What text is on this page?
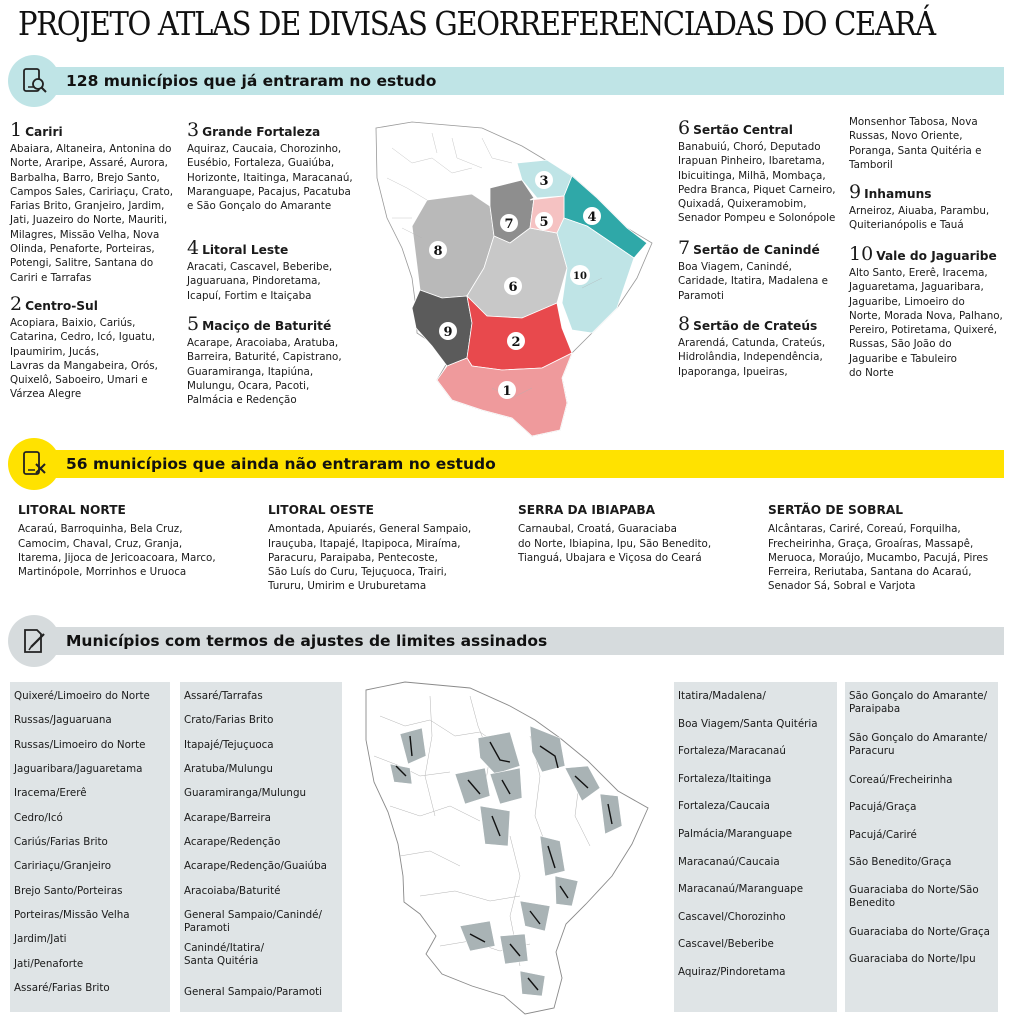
PROJETO ATLAS DE DIVISAS GEORREFERENCIADAS DO CEARÁ
128 municípios que já entraram no estudo
1 Cariri
Abaiara, Altaneira, Antonina do
Norte, Araripe, Assaré, Aurora,
Barbalha, Barro, Brejo Santo,
Campos Sales, Caririaçu, Crato,
Farias Brito, Granjeiro, Jardim,
Jati, Juazeiro do Norte, Mauriti,
Milagres, Missão Velha, Nova
Olinda, Penaforte, Porteiras,
Potengi, Salitre, Santana do
Cariri e Tarrafas
2 Centro-Sul
Acopiara, Baixio, Cariús,
Catarina, Cedro, Icó, Iguatu,
Ipaumirim, Jucás,
Lavras da Mangabeira, Orós,
Quixelô, Saboeiro, Umari e
Várzea Alegre
3 Grande Fortaleza
Aquiraz, Caucaia, Chorozinho,
Eusébio, Fortaleza, Guaiúba,
Horizonte, Itaitinga, Maracanaú,
Maranguape, Pacajus, Pacatuba
e São Gonçalo do Amarante
4 Litoral Leste
Aracati, Cascavel, Beberibe,
Jaguaruana, Pindoretama,
Icapuí, Fortim e Itaiçaba
5 Maciço de Baturité
Acarape, Aracoiaba, Aratuba,
Barreira, Baturité, Capistrano,
Guaramiranga, Itapiúna,
Mulungu, Ocara, Pacoti,
Palmácia e Redenção
6 Sertão Central
Banabuiú, Choró, Deputado
Irapuan Pinheiro, Ibaretama,
Ibicuitinga, Milhã, Mombaça,
Pedra Branca, Piquet Carneiro,
Quixadá, Quixeramobim,
Senador Pompeu e Solonópole
7 Sertão de Canindé
Boa Viagem, Canindé,
Caridade, Itatira, Madalena e
Paramoti
8 Sertão de Crateús
Ararendá, Catunda, Crateús,
Hidrolândia, Independência,
Ipaporanga, Ipueiras,
Monsenhor Tabosa, Nova
Russas, Novo Oriente,
Poranga, Santa Quitéria e
Tamboril
9 Inhamuns
Arneiroz, Aiuaba, Parambu,
Quiterianópolis e Tauá
10 Vale do Jaguaribe
Alto Santo, Ererê, Iracema,
Jaguaretama, Jaguaribara,
Jaguaribe, Limoeiro do
Norte, Morada Nova, Palhano,
Pereiro, Potiretama, Quixeré,
Russas, São João do
Jaguaribe e Tabuleiro
do Norte
1
2
3
4
5
6
7
8
9
10
56 municípios que ainda não entraram no estudo
LITORAL NORTE
Acaraú, Barroquinha, Bela Cruz,
Camocim, Chaval, Cruz, Granja,
Itarema, Jijoca de Jericoacoara, Marco,
Martinópole, Morrinhos e Uruoca
LITORAL OESTE
Amontada, Apuiarés, General Sampaio,
Irauçuba, Itapajé, Itapipoca, Miraíma,
Paracuru, Paraipaba, Pentecoste,
São Luís do Curu, Tejuçuoca, Trairi,
Tururu, Umirim e Uruburetama
SERRA DA IBIAPABA
Carnaubal, Croatá, Guaraciaba
do Norte, Ibiapina, Ipu, São Benedito,
Tianguá, Ubajara e Viçosa do Ceará
SERTÃO DE SOBRAL
Alcântaras, Cariré, Coreaú, Forquilha,
Frecheirinha, Graça, Groaíras, Massapê,
Meruoca, Moraújo, Mucambo, Pacujá, Pires
Ferreira, Reriutaba, Santana do Acaraú,
Senador Sá, Sobral e Varjota
Municípios com termos de ajustes de limites assinados
Quixeré/Limoeiro do Norte
Russas/Jaguaruana
Russas/Limoeiro do Norte
Jaguaribara/Jaguaretama
Iracema/Ererê
Cedro/Icó
Cariús/Farias Brito
Caririaçu/Granjeiro
Brejo Santo/Porteiras
Porteiras/Missão Velha
Jardim/Jati
Jati/Penaforte
Assaré/Farias Brito
Assaré/Tarrafas
Crato/Farias Brito
Itapajé/Tejuçuoca
Aratuba/Mulungu
Guaramiranga/Mulungu
Acarape/Barreira
Acarape/Redenção
Acarape/Redenção/Guaiúba
Aracoiaba/Baturité
General Sampaio/Canindé/
Paramoti
Canindé/Itatira/
Santa Quitéria
General Sampaio/Paramoti
Itatira/Madalena/
Boa Viagem/Santa Quitéria
Fortaleza/Maracanaú
Fortaleza/Itaitinga
Fortaleza/Caucaia
Palmácia/Maranguape
Maracanaú/Caucaia
Maracanaú/Maranguape
Cascavel/Chorozinho
Cascavel/Beberibe
Aquiraz/Pindoretama
São Gonçalo do Amarante/
Paraipaba
São Gonçalo do Amarante/
Paracuru
Coreaú/Frecheirinha
Pacujá/Graça
Pacujá/Cariré
São Benedito/Graça
Guaraciaba do Norte/São
Benedito
Guaraciaba do Norte/Graça
Guaraciaba do Norte/Ipu
